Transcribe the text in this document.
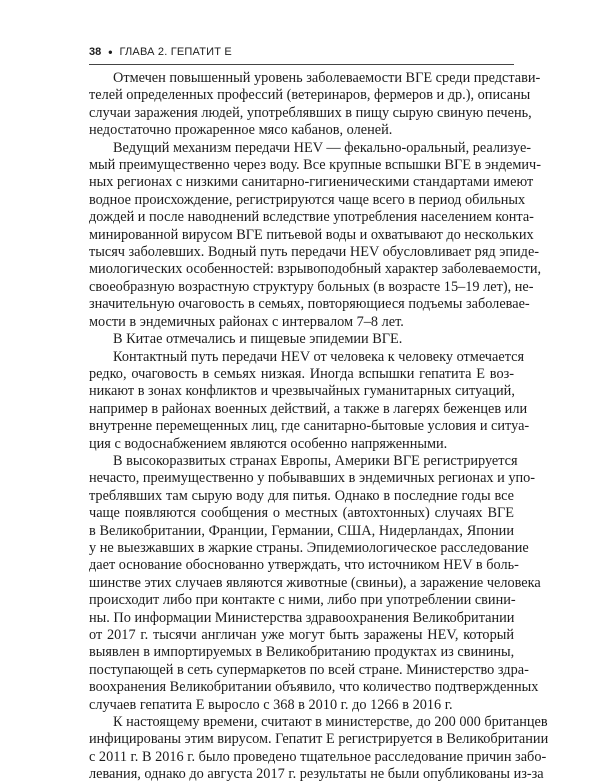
38 • ГЛАВА 2. ГЕПАТИТ Е

Отмечен повышенный уровень заболеваемости ВГЕ среди представи-
телей определенных профессий (ветеринаров, фермеров и др.), описаны
случаи заражения людей, употреблявших в пищу сырую свиную печень,
недостаточно прожаренное мясо кабанов, оленей.

Ведущий механизм передачи HEV — фекально-оральный, реализуе-
мый преимущественно через воду. Все крупные вспышки ВГЕ в эндемич-
ных регионах с низкими санитарно-гигиеническими стандартами имеют
водное происхождение, регистрируются чаще всего в период обильных
дождей и после наводнений вследствие употребления населением конта-
минированной вирусом ВГЕ питьевой воды и охватывают до нескольких
тысяч заболевших. Водный путь передачи HEV обусловливает ряд эпиде-
миологических особенностей: взрывоподобный характер заболеваемости,
своеобразную возрастную структуру больных (в возрасте 15–19 лет), не-
значительную очаговость в семьях, повторяющиеся подъемы заболевае-
мости в эндемичных районах с интервалом 7–8 лет.

В Китае отмечались и пищевые эпидемии ВГЕ.

Контактный путь передачи HEV от человека к человеку отмечается
редко, очаговость в семьях низкая. Иногда вспышки гепатита Е воз-
никают в зонах конфликтов и чрезвычайных гуманитарных ситуаций,
например в районах военных действий, а также в лагерях беженцев или
внутренне перемещенных лиц, где санитарно-бытовые условия и ситуа-
ция с водоснабжением являются особенно напряженными.

В высокоразвитых странах Европы, Америки ВГЕ регистрируется
нечасто, преимущественно у побывавших в эндемичных регионах и упо-
треблявших там сырую воду для питья. Однако в последние годы все
чаще появляются сообщения о местных (автохтонных) случаях ВГЕ
в Великобритании, Франции, Германии, США, Нидерландах, Японии
у не выезжавших в жаркие страны. Эпидемиологическое расследование
дает основание обоснованно утверждать, что источником HEV в боль-
шинстве этих случаев являются животные (свиньи), а заражение человека
происходит либо при контакте с ними, либо при употреблении свини-
ны. По информации Министерства здравоохранения Великобритании
от 2017 г. тысячи англичан уже могут быть заражены HEV, который
выявлен в импортируемых в Великобританию продуктах из свинины,
поступающей в сеть супермаркетов по всей стране. Министерство здра-
воохранения Великобритании объявило, что количество подтвержденных
случаев гепатита Е выросло с 368 в 2010 г. до 1266 в 2016 г.

К настоящему времени, считают в министерстве, до 200 000 британцев
инфицированы этим вирусом. Гепатит Е регистрируется в Великобритании
с 2011 г. В 2016 г. было проведено тщательное расследование причин забо-
левания, однако до августа 2017 г. результаты не были опубликованы из-за
